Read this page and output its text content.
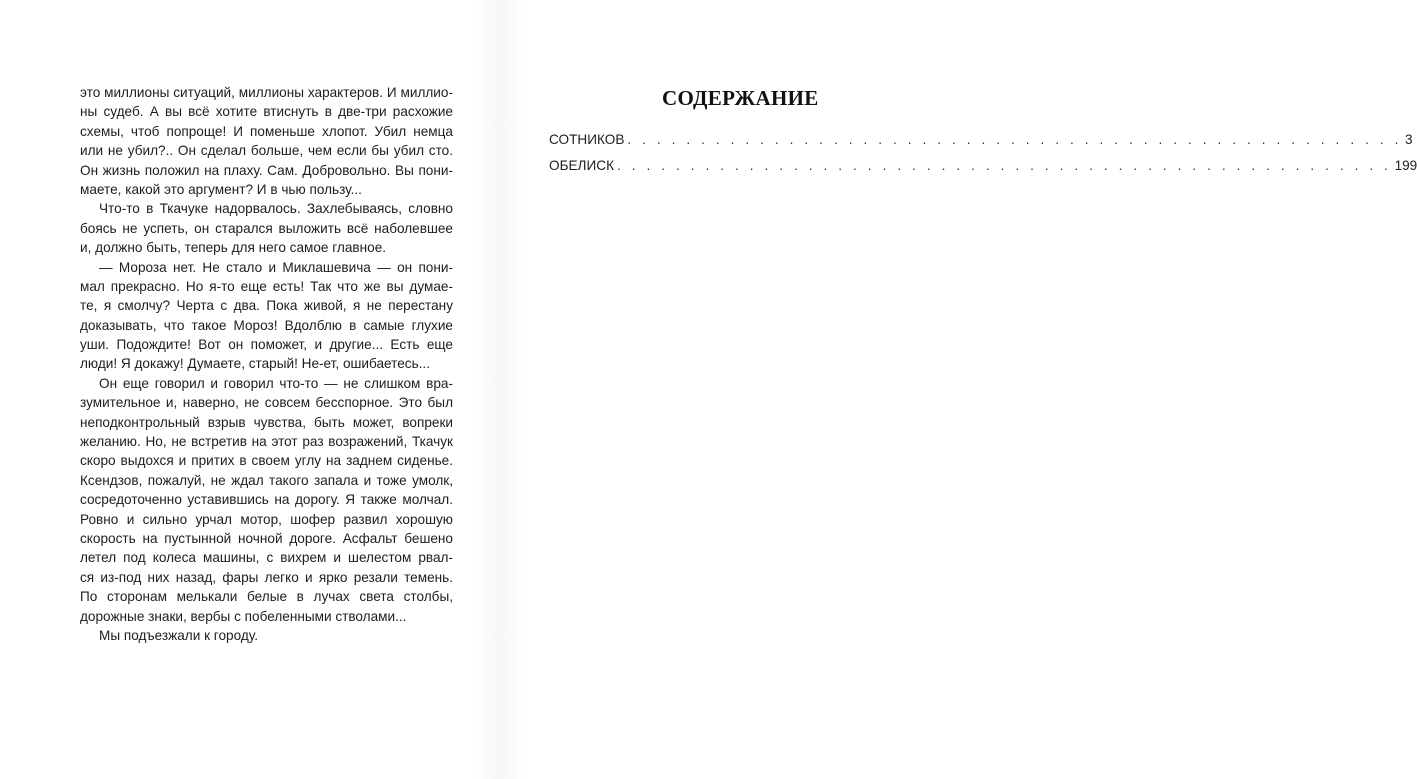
это миллионы ситуаций, миллионы характеров. И миллио-
ны судеб. А вы всё хотите втиснуть в две-три расхожие
схемы, чтоб попроще! И поменьше хлопот. Убил немца
или не убил?.. Он сделал больше, чем если бы убил сто.
Он жизнь положил на плаху. Сам. Добровольно. Вы пони-
маете, какой это аргумент? И в чью пользу...
Что-то в Ткачуке надорвалось. Захлебываясь, словно
боясь не успеть, он старался выложить всё наболевшее
и, должно быть, теперь для него самое главное.
— Мороза нет. Не стало и Миклашевича — он пони-
мал прекрасно. Но я-то еще есть! Так что же вы думае-
те, я смолчу? Черта с два. Пока живой, я не перестану
доказывать, что такое Мороз! Вдолблю в самые глухие
уши. Подождите! Вот он поможет, и другие... Есть еще
люди! Я докажу! Думаете, старый! Не-ет, ошибаетесь...
Он еще говорил и говорил что-то — не слишком вра-
зумительное и, наверно, не совсем бесспорное. Это был
неподконтрольный взрыв чувства, быть может, вопреки
желанию. Но, не встретив на этот раз возражений, Ткачук
скоро выдохся и притих в своем углу на заднем сиденье.
Ксендзов, пожалуй, не ждал такого запала и тоже умолк,
сосредоточенно уставившись на дорогу. Я также молчал.
Ровно и сильно урчал мотор, шофер развил хорошую
скорость на пустынной ночной дороге. Асфальт бешено
летел под колеса машины, с вихрем и шелестом рвал-
ся из-под них назад, фары легко и ярко резали темень.
По сторонам мелькали белые в лучах света столбы,
дорожные знаки, вербы с побеленными стволами...
Мы подъезжали к городу.
СОДЕРЖАНИЕ
СОТНИКОВ . . . . . . . . . . . . . . . . . . . . . . . . . . . . . . . . . . . . . . . . . . . . . . . . . . . . . 3
ОБЕЛИСК . . . . . . . . . . . . . . . . . . . . . . . . . . . . . . . . . . . . . . . . . . . . . . . . . . . . . 199
